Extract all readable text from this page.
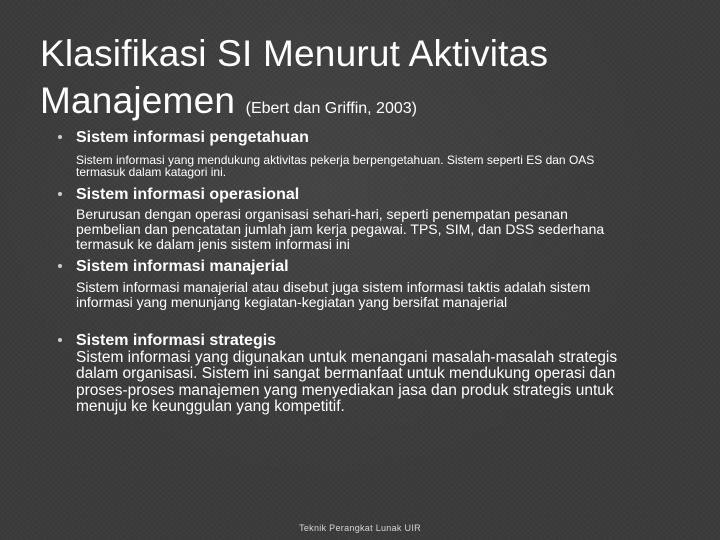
Klasifikasi SI Menurut Aktivitas
Manajemen (Ebert dan Griffin, 2003)
Sistem informasi pengetahuan
Sistem informasi yang mendukung aktivitas pekerja berpengetahuan. Sistem seperti ES dan OAS termasuk dalam katagori ini.
Sistem informasi operasional
Berurusan dengan operasi organisasi sehari-hari, seperti penempatan pesanan pembelian dan pencatatan jumlah jam kerja pegawai. TPS, SIM, dan DSS sederhana termasuk ke dalam jenis sistem informasi ini
Sistem informasi manajerial
Sistem informasi manajerial atau disebut juga sistem informasi taktis adalah sistem informasi yang menunjang kegiatan-kegiatan yang bersifat manajerial
Sistem informasi strategis
Sistem informasi yang digunakan untuk menangani masalah-masalah strategis dalam organisasi. Sistem ini sangat bermanfaat untuk mendukung operasi dan proses-proses manajemen yang menyediakan jasa dan produk strategis untuk menuju ke keunggulan yang kompetitif.
Teknik Perangkat Lunak UIR
